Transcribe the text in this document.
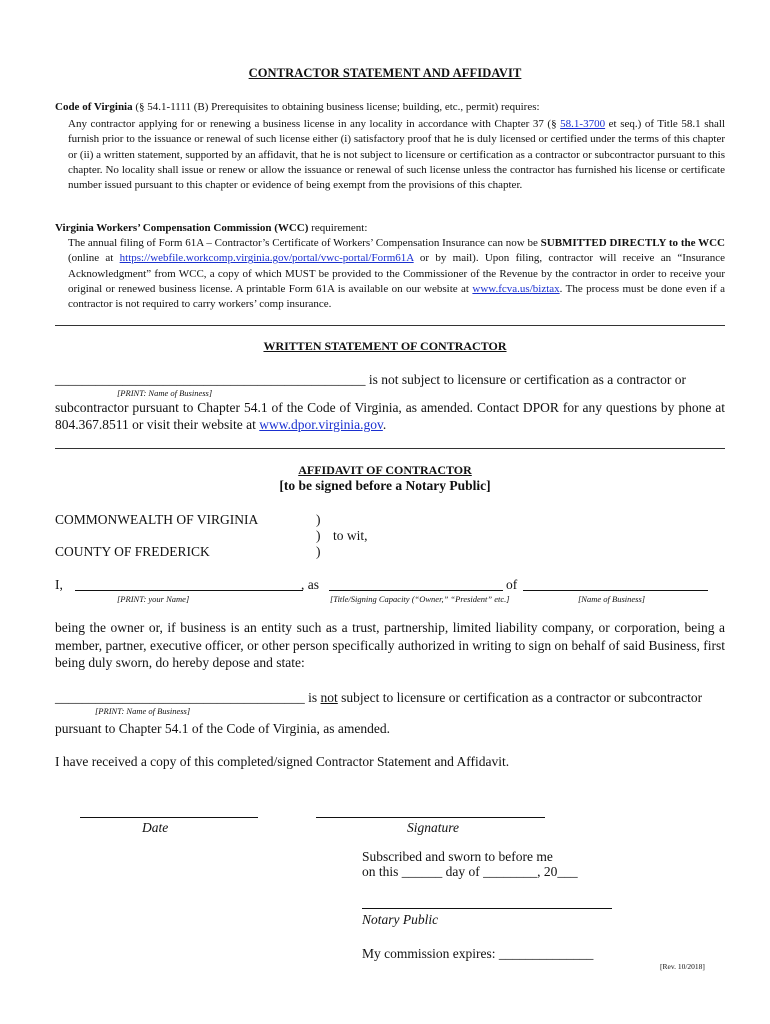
CONTRACTOR STATEMENT AND AFFIDAVIT
Code of Virginia (§ 54.1-1111 (B) Prerequisites to obtaining business license; building, etc., permit) requires:
Any contractor applying for or renewing a business license in any locality in accordance with Chapter 37 (§ 58.1-3700 et seq.) of Title 58.1 shall furnish prior to the issuance or renewal of such license either (i) satisfactory proof that he is duly licensed or certified under the terms of this chapter or (ii) a written statement, supported by an affidavit, that he is not subject to licensure or certification as a contractor or subcontractor pursuant to this chapter. No locality shall issue or renew or allow the issuance or renewal of such license unless the contractor has furnished his license or certificate number issued pursuant to this chapter or evidence of being exempt from the provisions of this chapter.
Virginia Workers’ Compensation Commission (WCC) requirement:
The annual filing of Form 61A – Contractor’s Certificate of Workers’ Compensation Insurance can now be SUBMITTED DIRECTLY to the WCC (online at https://webfile.workcomp.virginia.gov/portal/vwc-portal/Form61A or by mail). Upon filing, contractor will receive an “Insurance Acknowledgment” from WCC, a copy of which MUST be provided to the Commissioner of the Revenue by the contractor in order to receive your original or renewed business license. A printable Form 61A is available on our website at www.fcva.us/biztax. The process must be done even if a contractor is not required to carry workers’ comp insurance.
WRITTEN STATEMENT OF CONTRACTOR
______________________________________________ is not subject to licensure or certification as a contractor or
[PRINT: Name of Business]
subcontractor pursuant to Chapter 54.1 of the Code of Virginia, as amended. Contact DPOR for any questions by phone at 804.367.8511 or visit their website at www.dpor.virginia.gov.
AFFIDAVIT OF CONTRACTOR
[to be signed before a Notary Public]
COMMONWEALTH OF VIRGINIA
COUNTY OF FREDERICK
)
) to wit,
)
I,	, as	of
[PRINT: your Name]	[Title/Signing Capacity (“Owner,” “President” etc.]	[Name of Business]
being the owner or, if business is an entity such as a trust, partnership, limited liability company, or corporation, being a member, partner, executive officer, or other person specifically authorized in writing to sign on behalf of said Business, first being duly sworn, do hereby depose and state:
_____________________________________ is not subject to licensure or certification as a contractor or subcontractor
[PRINT: Name of Business]
pursuant to Chapter 54.1 of the Code of Virginia, as amended.
I have received a copy of this completed/signed Contractor Statement and Affidavit.
Date	Signature
Subscribed and sworn to before me
on this ______ day of ________, 20___
Notary Public
My commission expires: ______________
[Rev. 10/2018]
